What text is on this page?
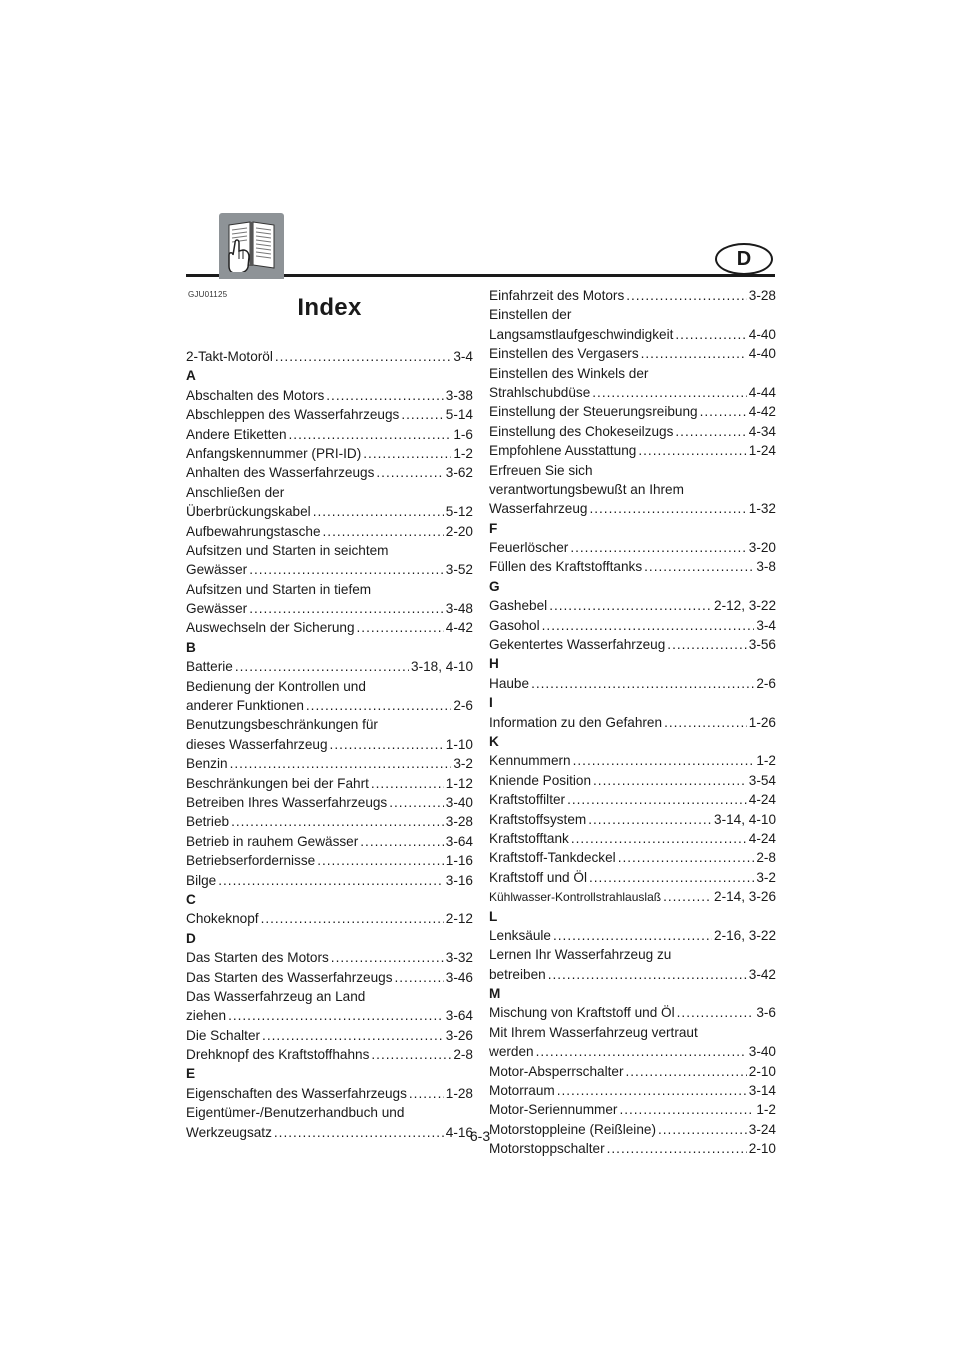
D
GJU01125	Index
2-Takt-Motoröl .....	3-4
A
Abschalten des Motors .....	3-38
Abschleppen des Wasserfahrzeugs .....	5-14
Andere Etiketten .....	1-6
Anfangskennummer (PRI-ID) .....	1-2
Anhalten des Wasserfahrzeugs .....	3-62
Anschließen der
Überbrückungskabel .....	5-12
Aufbewahrungstasche .....	2-20
Aufsitzen und Starten in seichtem
Gewässer .....	3-52
Aufsitzen und Starten in tiefem
Gewässer .....	3-48
Auswechseln der Sicherung .....	4-42
B
Batterie .....	3-18, 4-10
Bedienung der Kontrollen und
anderer Funktionen .....	2-6
Benutzungsbeschränkungen für
dieses Wasserfahrzeug .....	1-10
Benzin .....	3-2
Beschränkungen bei der Fahrt .....	1-12
Betreiben Ihres Wasserfahrzeugs .....	3-40
Betrieb .....	3-28
Betrieb in rauhem Gewässer .....	3-64
Betriebserfordernisse .....	1-16
Bilge .....	3-16
C
Chokeknopf .....	2-12
D
Das Starten des Motors .....	3-32
Das Starten des Wasserfahrzeugs .....	3-46
Das Wasserfahrzeug an Land
ziehen .....	3-64
Die Schalter .....	3-26
Drehknopf des Kraftstoffhahns .....	2-8
E
Eigenschaften des Wasserfahrzeugs .....	1-28
Eigentümer-/Benutzerhandbuch und
Werkzeugsatz .....	4-16
Einfahrzeit des Motors .....	3-28
Einstellen der
Langsamstlaufgeschwindigkeit .....	4-40
Einstellen des Vergasers .....	4-40
Einstellen des Winkels der
Strahlschubdüse .....	4-44
Einstellung der Steuerungsreibung .....	4-42
Einstellung des Chokeseilzugs .....	4-34
Empfohlene Ausstattung .....	1-24
Erfreuen Sie sich
verantwortungsbewußt an Ihrem
Wasserfahrzeug .....	1-32
F
Feuerlöscher .....	3-20
Füllen des Kraftstofftanks .....	3-8
G
Gashebel .....	2-12, 3-22
Gasohol .....	3-4
Gekentertes Wasserfahrzeug .....	3-56
H
Haube .....	2-6
I
Information zu den Gefahren .....	1-26
K
Kennummern .....	1-2
Kniende Position .....	3-54
Kraftstoffilter .....	4-24
Kraftstoffsystem .....	3-14, 4-10
Kraftstofftank .....	4-24
Kraftstoff-Tankdeckel .....	2-8
Kraftstoff und Öl .....	3-2
Kühlwasser-Kontrollstrahlauslaß .....	2-14, 3-26
L
Lenksäule .....	2-16, 3-22
Lernen Ihr Wasserfahrzeug zu
betreiben .....	3-42
M
Mischung von Kraftstoff und Öl .....	3-6
Mit Ihrem Wasserfahrzeug vertraut
werden .....	3-40
Motor-Absperrschalter .....	2-10
Motorraum .....	3-14
Motor-Seriennummer .....	1-2
Motorstoppleine (Reißleine) .....	3-24
Motorstoppschalter .....	2-10
6-3
